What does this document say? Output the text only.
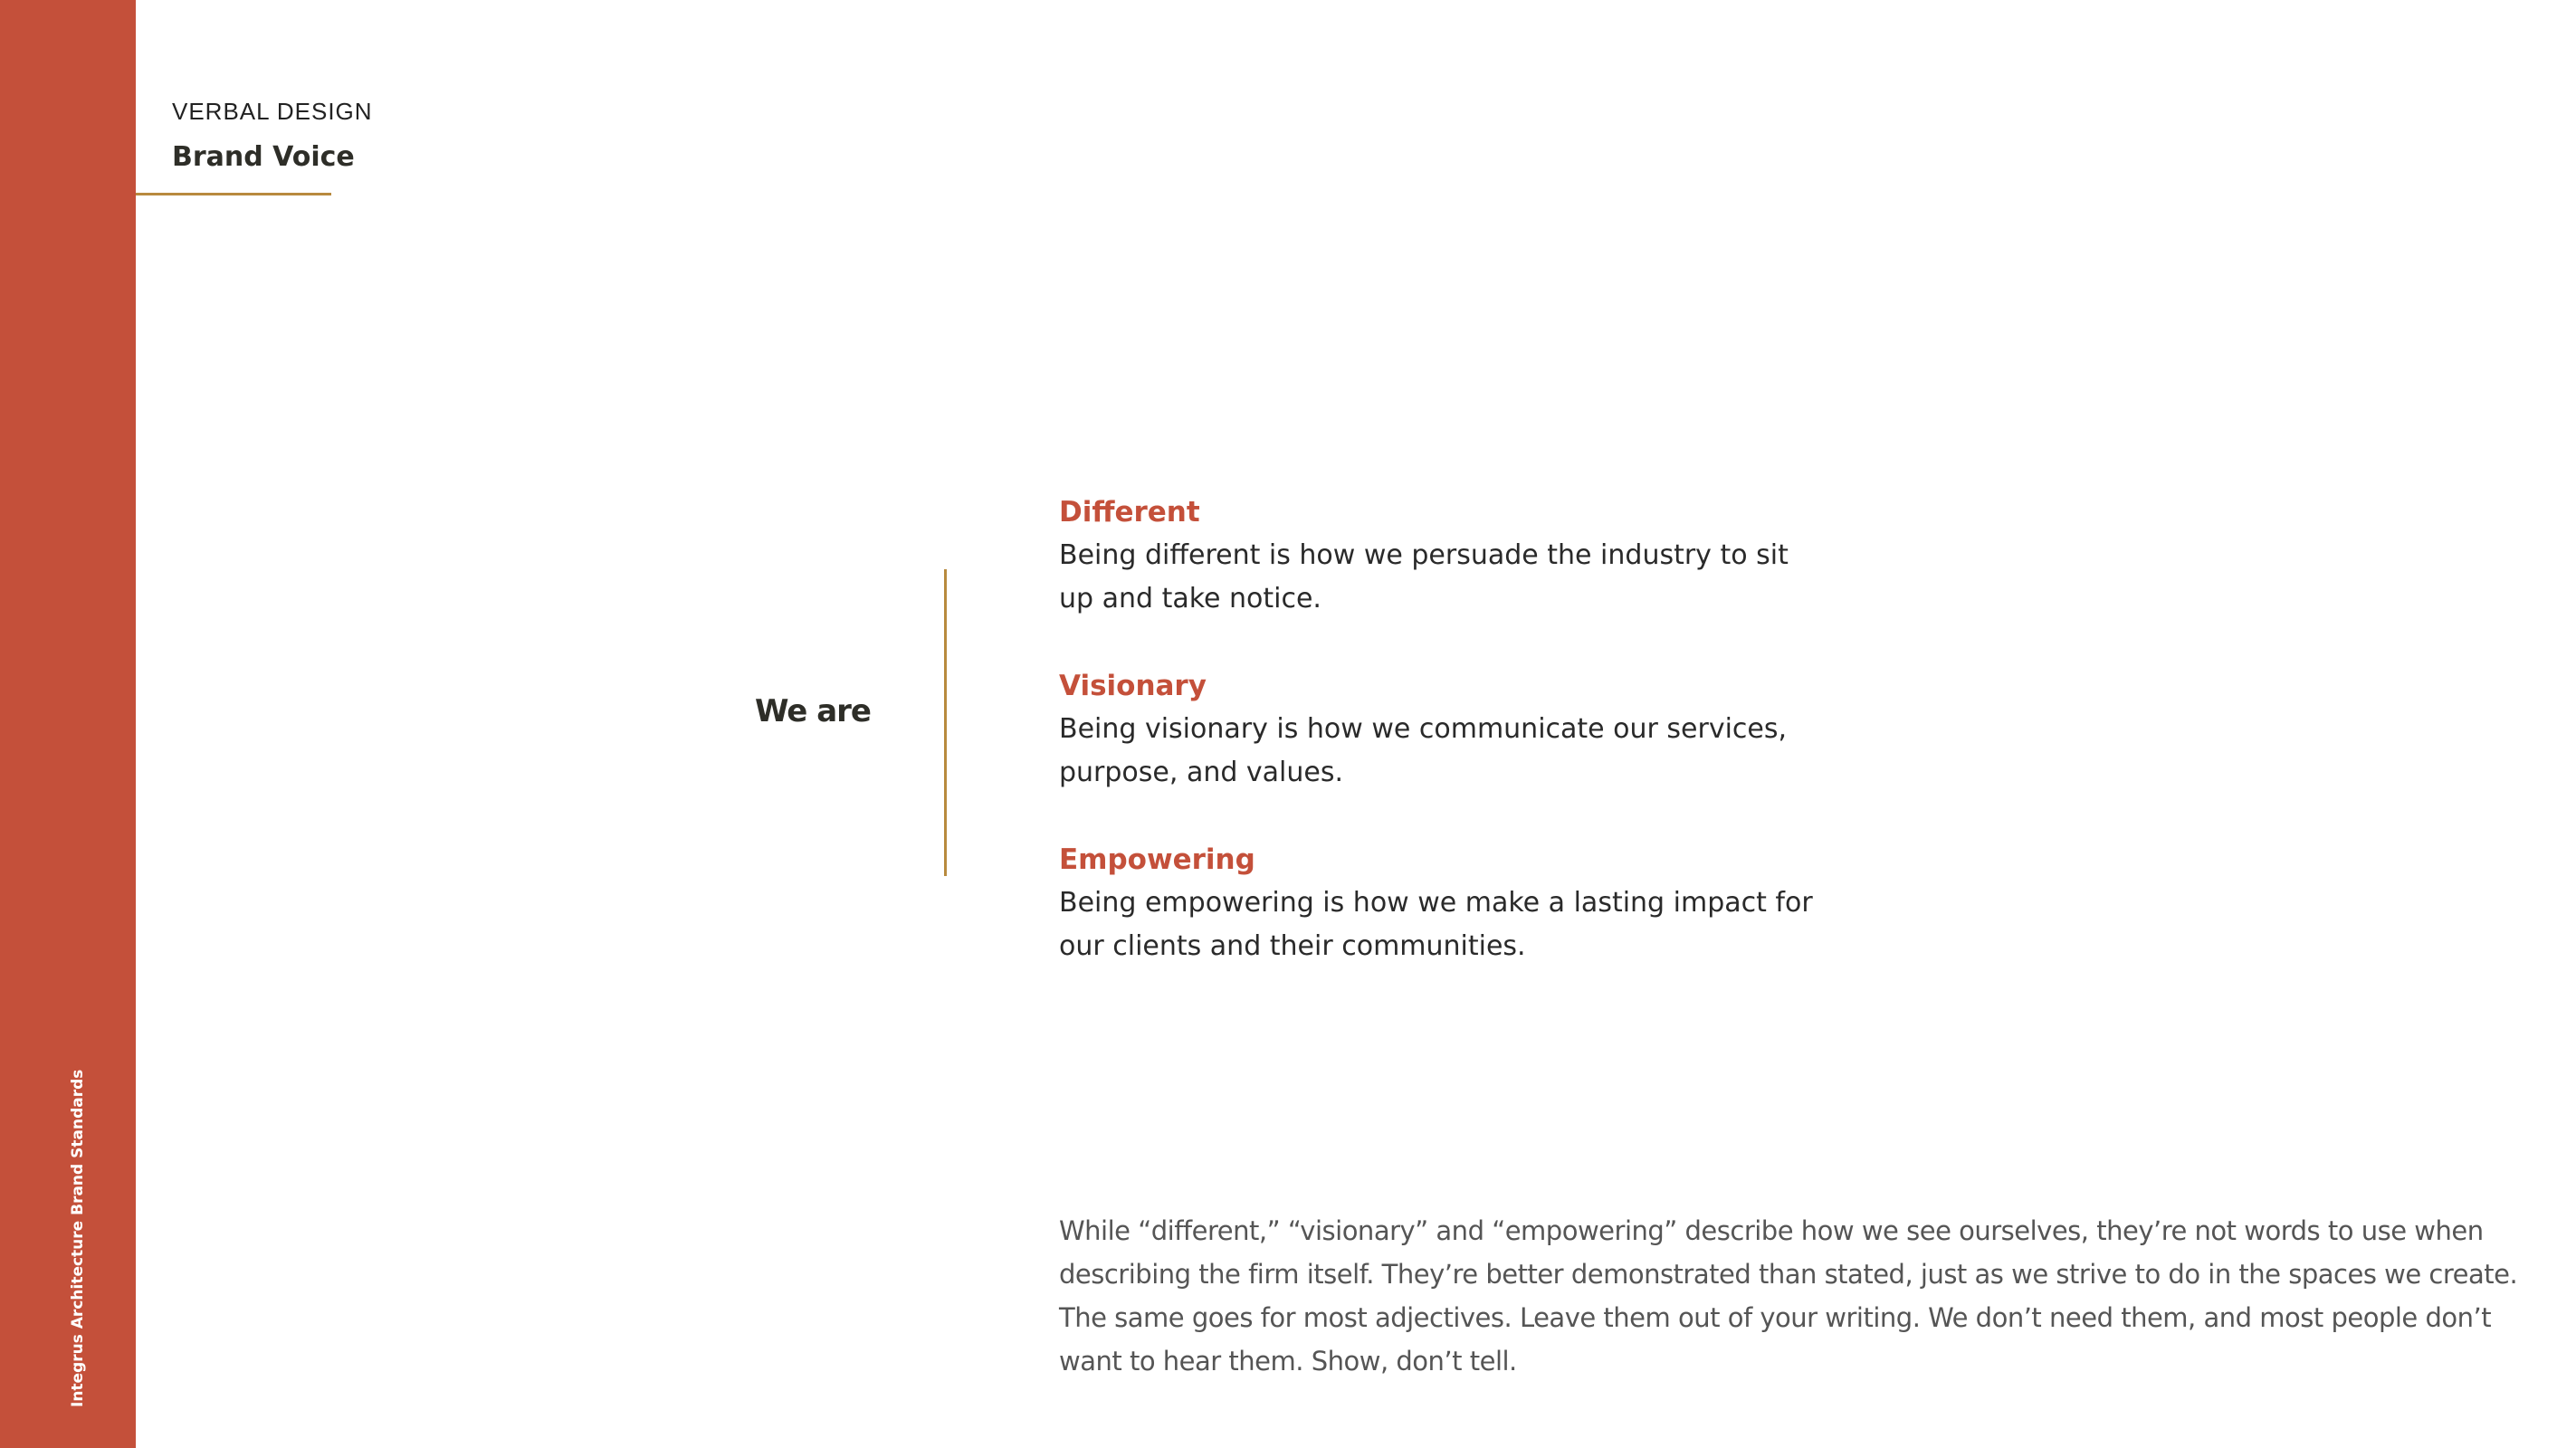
Integrus Architecture Brand Standards
VERBAL DESIGN
Brand Voice
We are
Different
Being different is how we persuade the industry to sit up and take notice.
Visionary
Being visionary is how we communicate our services, purpose, and values.
Empowering
Being empowering is how we make a lasting impact for our clients and their communities.
While “different,” “visionary” and “empowering” describe how we see ourselves, they’re not words to use when describing the firm itself. They’re better demonstrated than stated, just as we strive to do in the spaces we create. The same goes for most adjectives. Leave them out of your writing. We don’t need them, and most people don’t want to hear them. Show, don’t tell.
